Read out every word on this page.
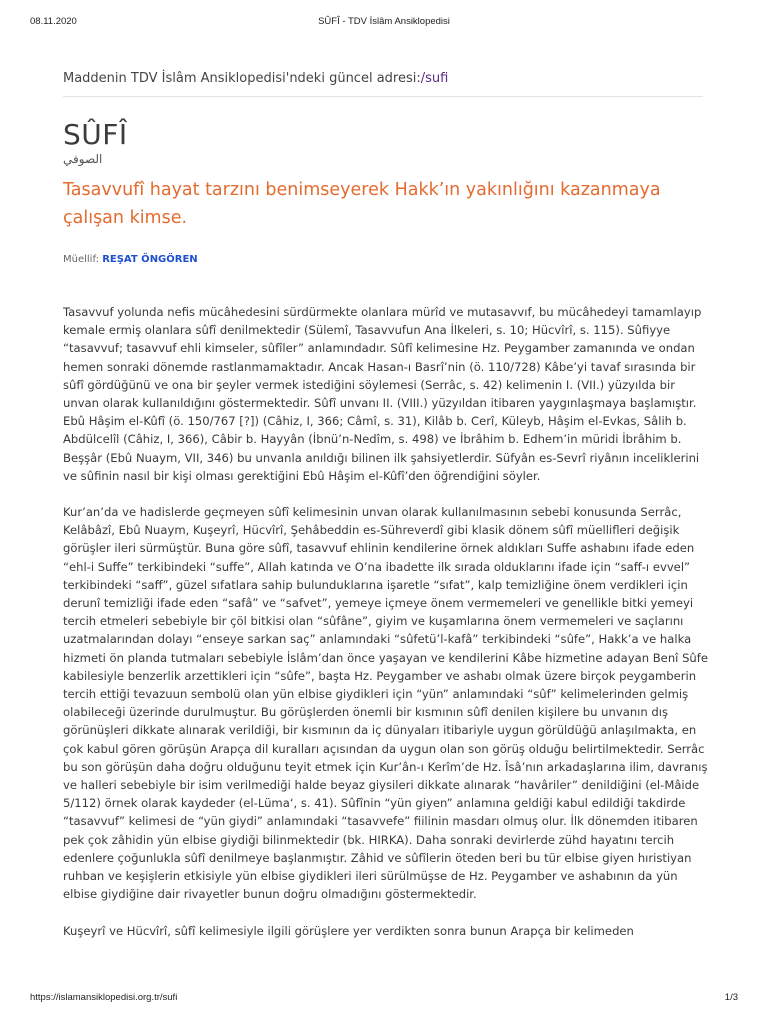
08.11.2020	SÛFÎ - TDV İslâm Ansiklopedisi
Maddenin TDV İslâm Ansiklopedisi'ndeki güncel adresi:/sufi
SÛFÎ
الصوفي
Tasavvufî hayat tarzını benimseyerek Hakk’ın yakınlığını kazanmaya çalışan kimse.
Müellif: REŞAT ÖNGÖREN

Tasavvuf yolunda nefis mücâhedesini sürdürmekte olanlara mürîd ve mutasavvıf, bu mücâhedeyi tamamlayıp kemale ermiş olanlara sûfî denilmektedir (Sülemî, Tasavvufun Ana İlkeleri, s. 10; Hücvîrî, s. 115). Sûfiyye “tasavvuf; tasavvuf ehli kimseler, sûfîler” anlamındadır. Sûfî kelimesine Hz. Peygamber zamanında ve ondan hemen sonraki dönemde rastlanmamaktadır. Ancak Hasan-ı Basrî’nin (ö. 110/728) Kâbe’yi tavaf sırasında bir sûfî gördüğünü ve ona bir şeyler vermek istediğini söylemesi (Serrâc, s. 42) kelimenin I. (VII.) yüzyılda bir unvan olarak kullanıldığını göstermektedir. Sûfî unvanı II. (VIII.) yüzyıldan itibaren yaygınlaşmaya başlamıştır. Ebû Hâşim el-Kûfî (ö. 150/767 [?]) (Câhiz, I, 366; Câmî, s. 31), Kilâb b. Cerî, Küleyb, Hâşim el-Evkas, Sâlih b. Abdülcelîl (Câhiz, I, 366), Câbir b. Hayyân (İbnü’n-Nedîm, s. 498) ve İbrâhim b. Edhem’in müridi İbrâhim b. Beşşâr (Ebû Nuaym, VII, 346) bu unvanla anıldığı bilinen ilk şahsiyetlerdir. Süfyân es-Sevrî riyânın inceliklerini ve sûfinin nasıl bir kişi olması gerektiğini Ebû Hâşim el-Kûfî’den öğrendiğini söyler.

Kur’an’da ve hadislerde geçmeyen sûfî kelimesinin unvan olarak kullanılmasının sebebi konusunda Serrâc, Kelâbâzî, Ebû Nuaym, Kuşeyrî, Hücvîrî, Şehâbeddin es-Sühreverdî gibi klasik dönem sûfî müellifleri değişik görüşler ileri sürmüştür. Buna göre sûfî, tasavvuf ehlinin kendilerine örnek aldıkları Suffe ashabını ifade eden “ehl-i Suffe” terkibindeki “suffe”, Allah katında ve O’na ibadette ilk sırada olduklarını ifade için “saff-ı evvel” terkibindeki “saff”, güzel sıfatlara sahip bulunduklarına işaretle “sıfat”, kalp temizliğine önem verdikleri için derunî temizliği ifade eden “safâ” ve “safvet”, yemeye içmeye önem vermemeleri ve genellikle bitki yemeyi tercih etmeleri sebebiyle bir çöl bitkisi olan “sûfâne”, giyim ve kuşamlarına önem vermemeleri ve saçlarını uzatmalarından dolayı “enseye sarkan saç” anlamındaki “sûfetü’l-kafâ” terkibindeki “sûfe”, Hakk’a ve halka hizmeti ön planda tutmaları sebebiyle İslâm’dan önce yaşayan ve kendilerini Kâbe hizmetine adayan Benî Sûfe kabilesiyle benzerlik arzettikleri için “sûfe”, başta Hz. Peygamber ve ashabı olmak üzere birçok peygamberin tercih ettiği tevazuun sembolü olan yün elbise giydikleri için “yün” anlamındaki “sûf” kelimelerinden gelmiş olabileceği üzerinde durulmuştur. Bu görüşlerden önemli bir kısmının sûfî denilen kişilere bu unvanın dış görünüşleri dikkate alınarak verildiği, bir kısmının da iç dünyaları itibariyle uygun görüldüğü anlaşılmakta, en çok kabul gören görüşün Arapça dil kuralları açısından da uygun olan son görüş olduğu belirtilmektedir. Serrâc bu son görüşün daha doğru olduğunu teyit etmek için Kur’ân-ı Kerîm’de Hz. Îsâ’nın arkadaşlarına ilim, davranış ve halleri sebebiyle bir isim verilmediği halde beyaz giysileri dikkate alınarak “havâriler” denildiğini (el-Mâide 5/112) örnek olarak kaydeder (el-Lüma‘, s. 41). Sûfînin “yün giyen” anlamına geldiği kabul edildiği takdirde “tasavvuf” kelimesi de “yün giydi” anlamındaki “tasavvefe” fiilinin masdarı olmuş olur. İlk dönemden itibaren pek çok zâhidin yün elbise giydiği bilinmektedir (bk. HIRKA). Daha sonraki devirlerde zühd hayatını tercih edenlere çoğunlukla sûfî denilmeye başlanmıştır. Zâhid ve sûfîlerin öteden beri bu tür elbise giyen hıristiyan ruhban ve keşişlerin etkisiyle yün elbise giydikleri ileri sürülmüşse de Hz. Peygamber ve ashabının da yün elbise giydiğine dair rivayetler bunun doğru olmadığını göstermektedir.

Kuşeyrî ve Hücvîrî, sûfî kelimesiyle ilgili görüşlere yer verdikten sonra bunun Arapça bir kelimeden

https://islamansiklopedisi.org.tr/sufi	1/3
